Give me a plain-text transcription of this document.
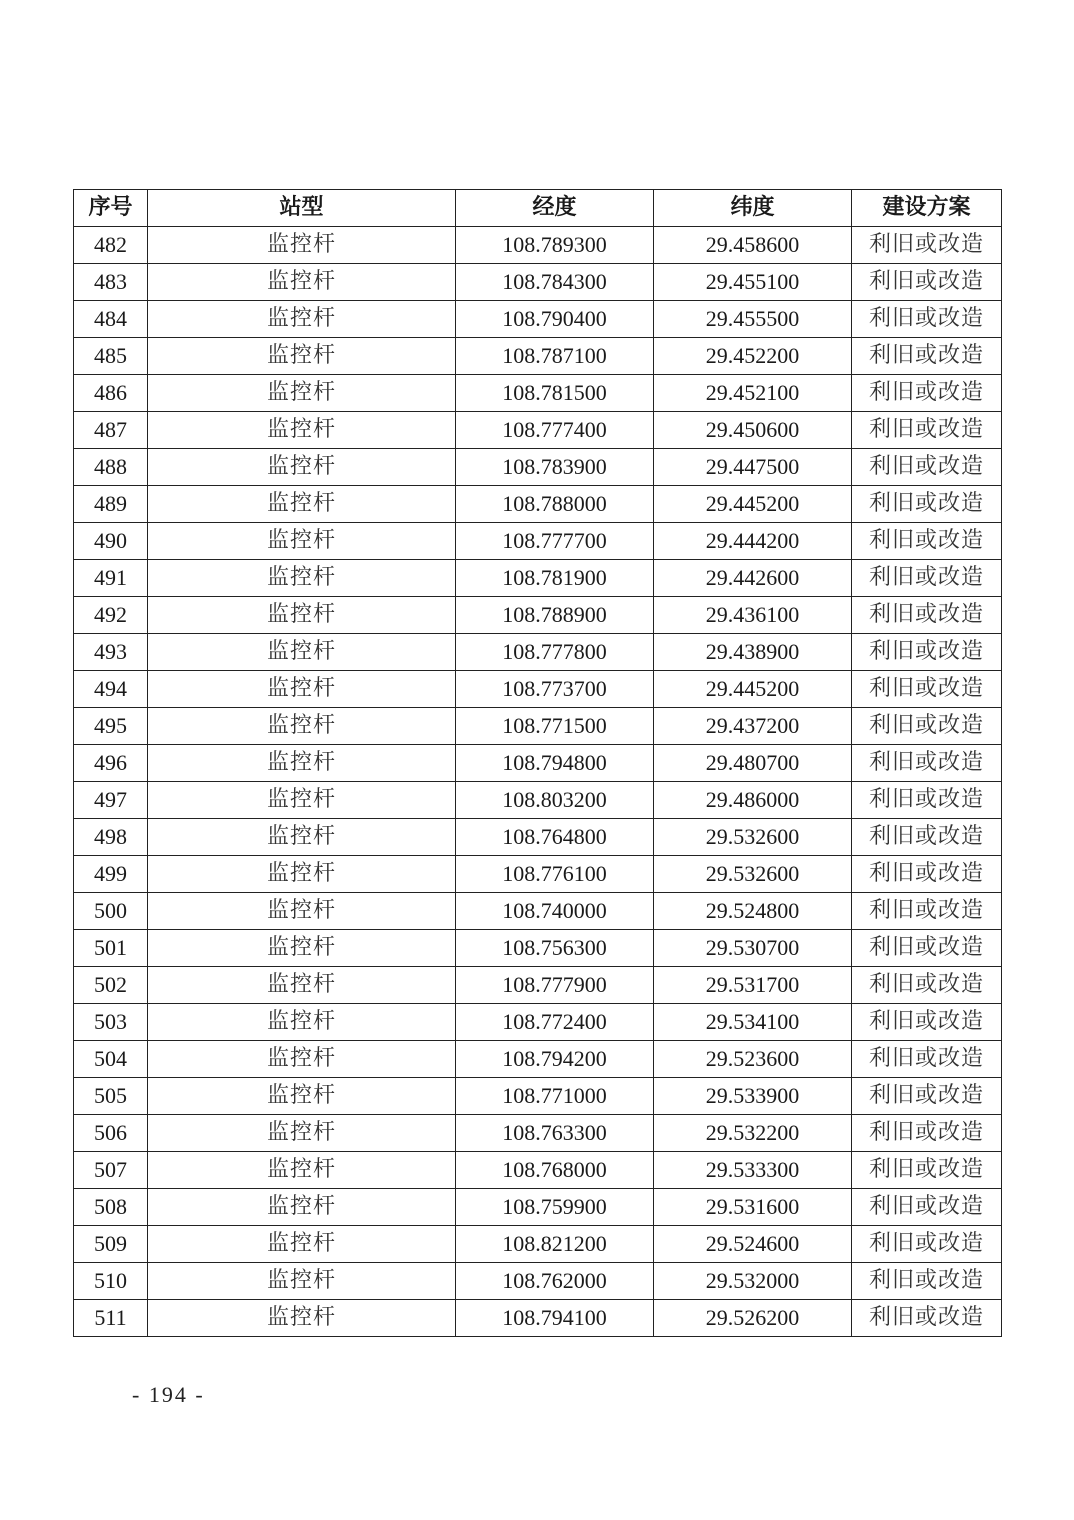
序号	站型	经度	纬度	建设方案
482	监控杆	108.789300	29.458600	利旧或改造
483	监控杆	108.784300	29.455100	利旧或改造
484	监控杆	108.790400	29.455500	利旧或改造
485	监控杆	108.787100	29.452200	利旧或改造
486	监控杆	108.781500	29.452100	利旧或改造
487	监控杆	108.777400	29.450600	利旧或改造
488	监控杆	108.783900	29.447500	利旧或改造
489	监控杆	108.788000	29.445200	利旧或改造
490	监控杆	108.777700	29.444200	利旧或改造
491	监控杆	108.781900	29.442600	利旧或改造
492	监控杆	108.788900	29.436100	利旧或改造
493	监控杆	108.777800	29.438900	利旧或改造
494	监控杆	108.773700	29.445200	利旧或改造
495	监控杆	108.771500	29.437200	利旧或改造
496	监控杆	108.794800	29.480700	利旧或改造
497	监控杆	108.803200	29.486000	利旧或改造
498	监控杆	108.764800	29.532600	利旧或改造
499	监控杆	108.776100	29.532600	利旧或改造
500	监控杆	108.740000	29.524800	利旧或改造
501	监控杆	108.756300	29.530700	利旧或改造
502	监控杆	108.777900	29.531700	利旧或改造
503	监控杆	108.772400	29.534100	利旧或改造
504	监控杆	108.794200	29.523600	利旧或改造
505	监控杆	108.771000	29.533900	利旧或改造
506	监控杆	108.763300	29.532200	利旧或改造
507	监控杆	108.768000	29.533300	利旧或改造
508	监控杆	108.759900	29.531600	利旧或改造
509	监控杆	108.821200	29.524600	利旧或改造
510	监控杆	108.762000	29.532000	利旧或改造
511	监控杆	108.794100	29.526200	利旧或改造
- 194 -
